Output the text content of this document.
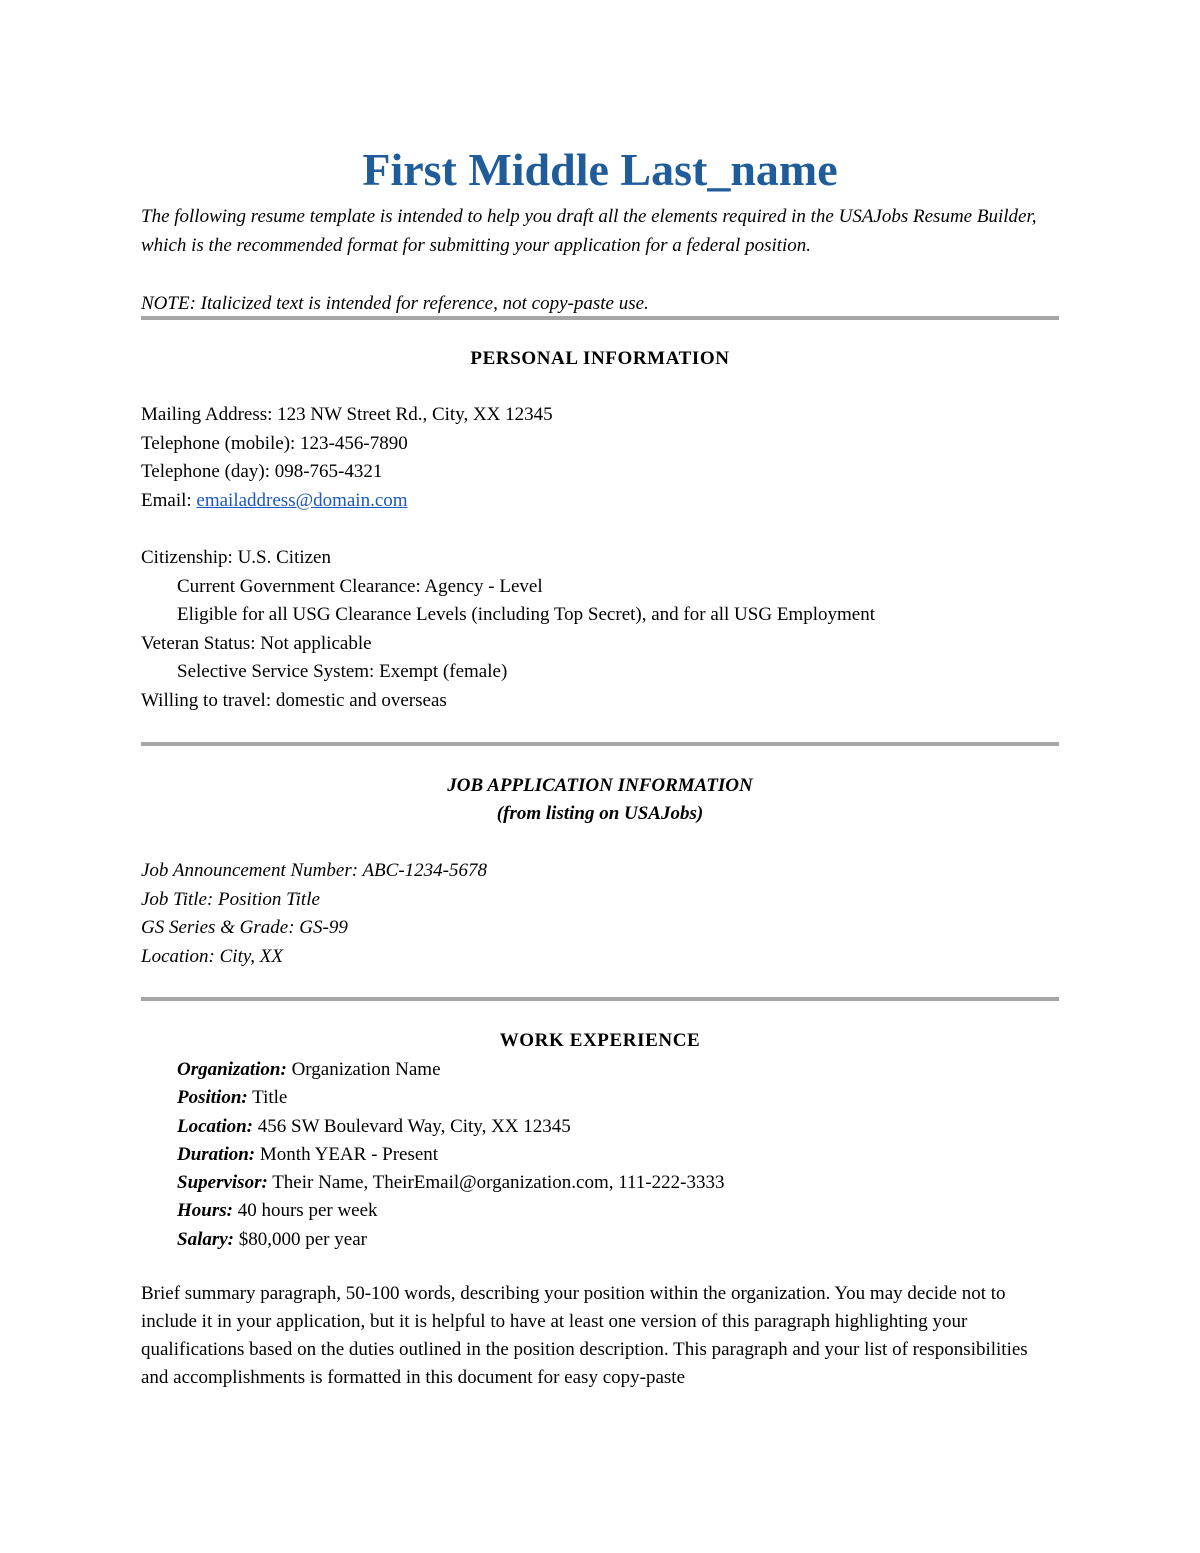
First Middle Last_name
The following resume template is intended to help you draft all the elements required in the USAJobs Resume Builder, which is the recommended format for submitting your application for a federal position.
NOTE: Italicized text is intended for reference, not copy-paste use.
PERSONAL INFORMATION
Mailing Address: 123 NW Street Rd., City, XX 12345
Telephone (mobile): 123-456-7890
Telephone (day): 098-765-4321
Email: emailaddress@domain.com
Citizenship: U.S. Citizen
Current Government Clearance: Agency - Level
Eligible for all USG Clearance Levels (including Top Secret), and for all USG Employment
Veteran Status: Not applicable
Selective Service System: Exempt (female)
Willing to travel: domestic and overseas
JOB APPLICATION INFORMATION
(from listing on USAJobs)
Job Announcement Number: ABC-1234-5678
Job Title: Position Title
GS Series & Grade: GS-99
Location: City, XX
WORK EXPERIENCE
Organization: Organization Name
Position: Title
Location: 456 SW Boulevard Way, City, XX 12345
Duration: Month YEAR - Present
Supervisor: Their Name, TheirEmail@organization.com, 111-222-3333
Hours: 40 hours per week
Salary: $80,000 per year
Brief summary paragraph, 50-100 words, describing your position within the organization. You may decide not to include it in your application, but it is helpful to have at least one version of this paragraph highlighting your qualifications based on the duties outlined in the position description. This paragraph and your list of responsibilities and accomplishments is formatted in this document for easy copy-paste
